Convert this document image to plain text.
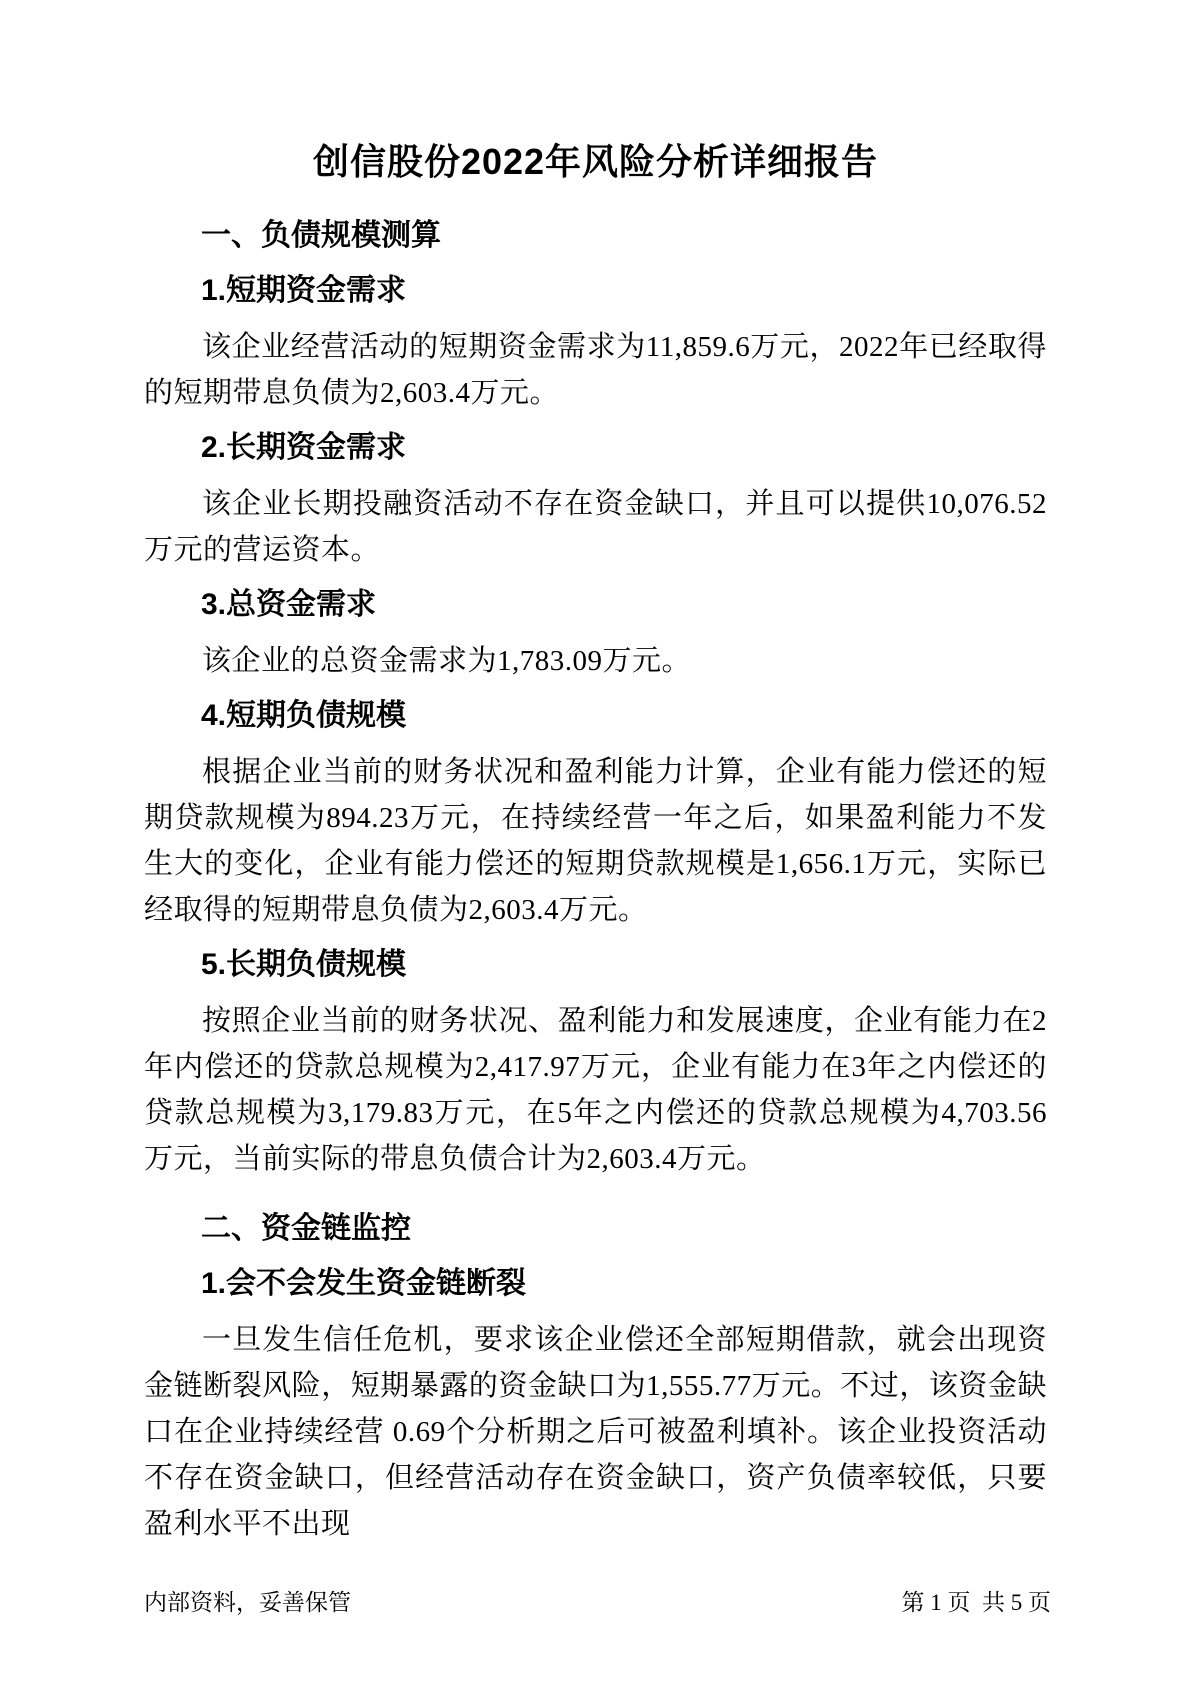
创信股份2022年风险分析详细报告
一、负债规模测算
1.短期资金需求

该企业经营活动的短期资金需求为11,859.6万元，2022年已经取得的短期带息负债为2,603.4万元。

2.长期资金需求

该企业长期投融资活动不存在资金缺口，并且可以提供10,076.52万元的营运资本。

3.总资金需求

该企业的总资金需求为1,783.09万元。

4.短期负债规模

根据企业当前的财务状况和盈利能力计算，企业有能力偿还的短期贷款规模为894.23万元，在持续经营一年之后，如果盈利能力不发生大的变化，企业有能力偿还的短期贷款规模是1,656.1万元，实际已经取得的短期带息负债为2,603.4万元。

5.长期负债规模

按照企业当前的财务状况、盈利能力和发展速度，企业有能力在2年内偿还的贷款总规模为2,417.97万元，企业有能力在3年之内偿还的贷款总规模为3,179.83万元，在5年之内偿还的贷款总规模为4,703.56万元，当前实际的带息负债合计为2,603.4万元。

二、资金链监控
1.会不会发生资金链断裂

一旦发生信任危机，要求该企业偿还全部短期借款，就会出现资金链断裂风险，短期暴露的资金缺口为1,555.77万元。不过，该资金缺口在企业持续经营 0.69个分析期之后可被盈利填补。该企业投资活动不存在资金缺口，但经营活动存在资金缺口，资产负债率较低，只要盈利水平不出现

内部资料，妥善保管	第 1 页  共 5 页
